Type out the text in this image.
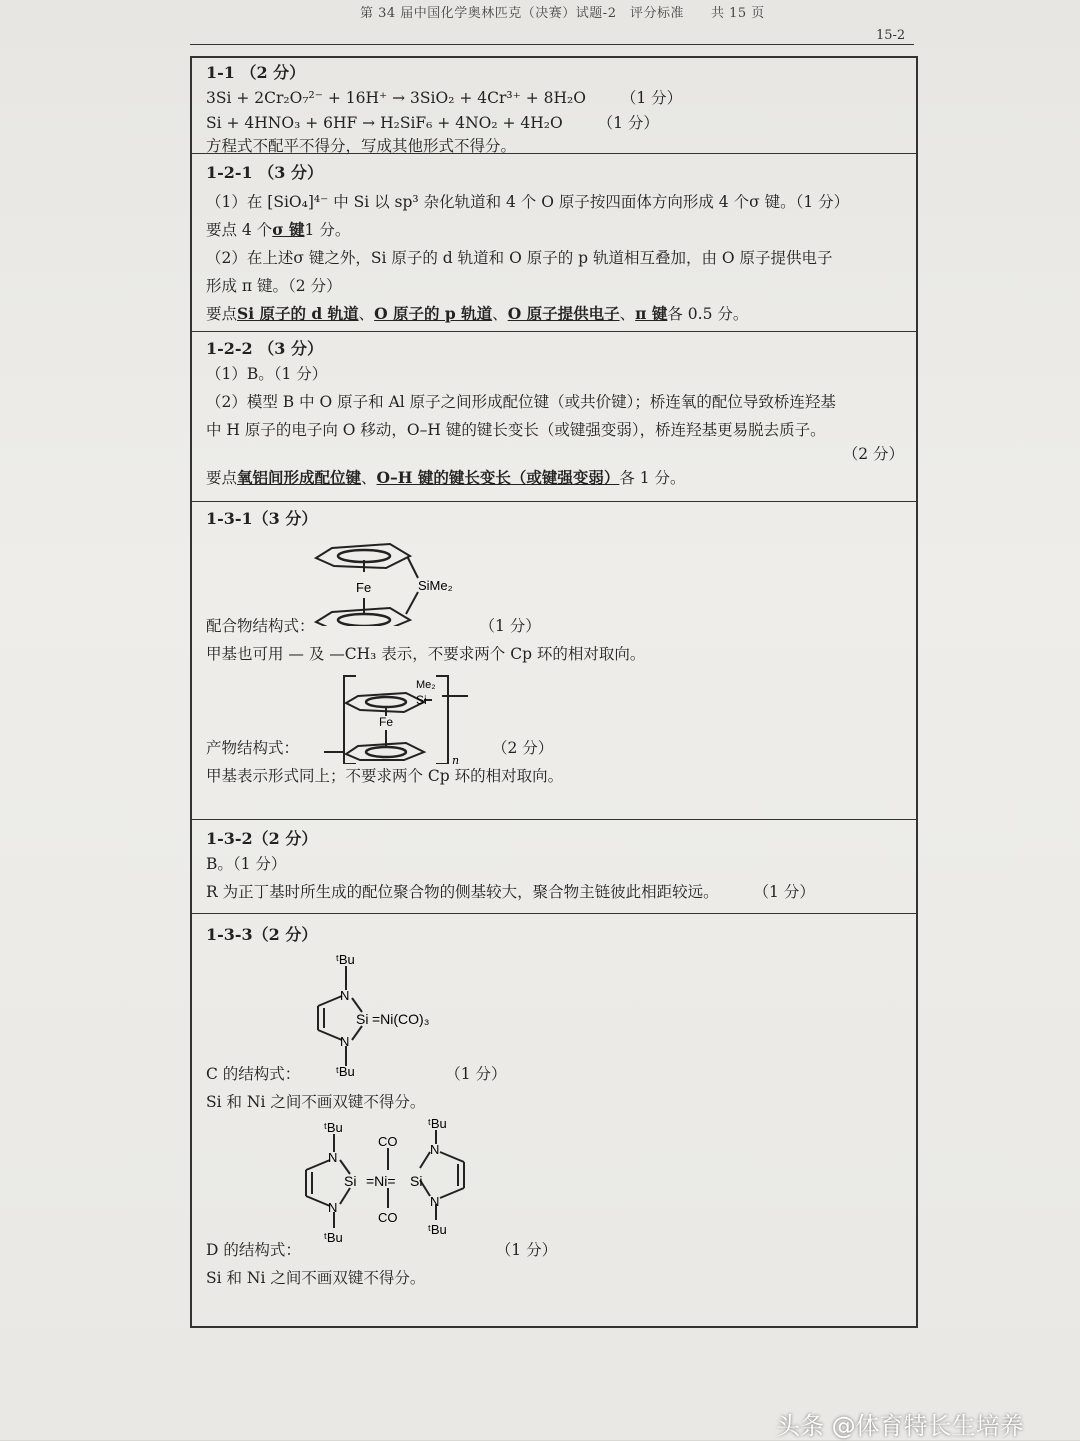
第 34 届中国化学奥林匹克（决赛）试题-2　评分标准　　共 15 页
15-2
1-1 （2 分）
3Si + 2Cr₂O₇²⁻ + 16H⁺ → 3SiO₂ + 4Cr³⁺ + 8H₂O （1 分）
Si + 4HNO₃ + 6HF → H₂SiF₆ + 4NO₂ + 4H₂O （1 分）
方程式不配平不得分，写成其他形式不得分。
1-2-1 （3 分）
（1）在 [SiO₄]⁴⁻ 中 Si 以 sp³ 杂化轨道和 4 个 O 原子按四面体方向形成 4 个σ 键。（1 分）
要点 4 个σ 键1 分。
（2）在上述σ 键之外，Si 原子的 d 轨道和 O 原子的 p 轨道相互叠加，由 O 原子提供电子
形成 π 键。（2 分）
要点Si 原子的 d 轨道、O 原子的 p 轨道、O 原子提供电子、π 键各 0.5 分。
1-2-2 （3 分）
（1）B。（1 分）
（2）模型 B 中 O 原子和 Al 原子之间形成配位键（或共价键）；桥连氧的配位导致桥连羟基
中 H 原子的电子向 O 移动，O–H 键的键长变长（或键强变弱），桥连羟基更易脱去质子。
（2 分）
要点氧铝间形成配位键、O–H 键的键长变长（或键强变弱）各 1 分。
1-3-1（3 分）
Fe	SiMe₂
配合物结构式：	（1 分）
甲基也可用 — 及 —CH₃ 表示，不要求两个 Cp 环的相对取向。
Fe
Me₂
Si
n
产物结构式：	（2 分）
甲基表示形式同上；不要求两个 Cp 环的相对取向。
1-3-2（2 分）
B。（1 分）
R 为正丁基时所生成的配位聚合物的侧基较大，聚合物主链彼此相距较远。 （1 分）
1-3-3（2 分）
ᵗBu
N
Si =Ni(CO)₃
N
ᵗBu
C 的结构式：	（1 分）
Si 和 Ni 之间不画双键不得分。
ᵗBu
N
N
ᵗBu
Si =Ni= Si
CO
CO
ᵗBu
N
N
ᵗBu
D 的结构式：	（1 分）
Si 和 Ni 之间不画双键不得分。
头条 @体育特长生培养
